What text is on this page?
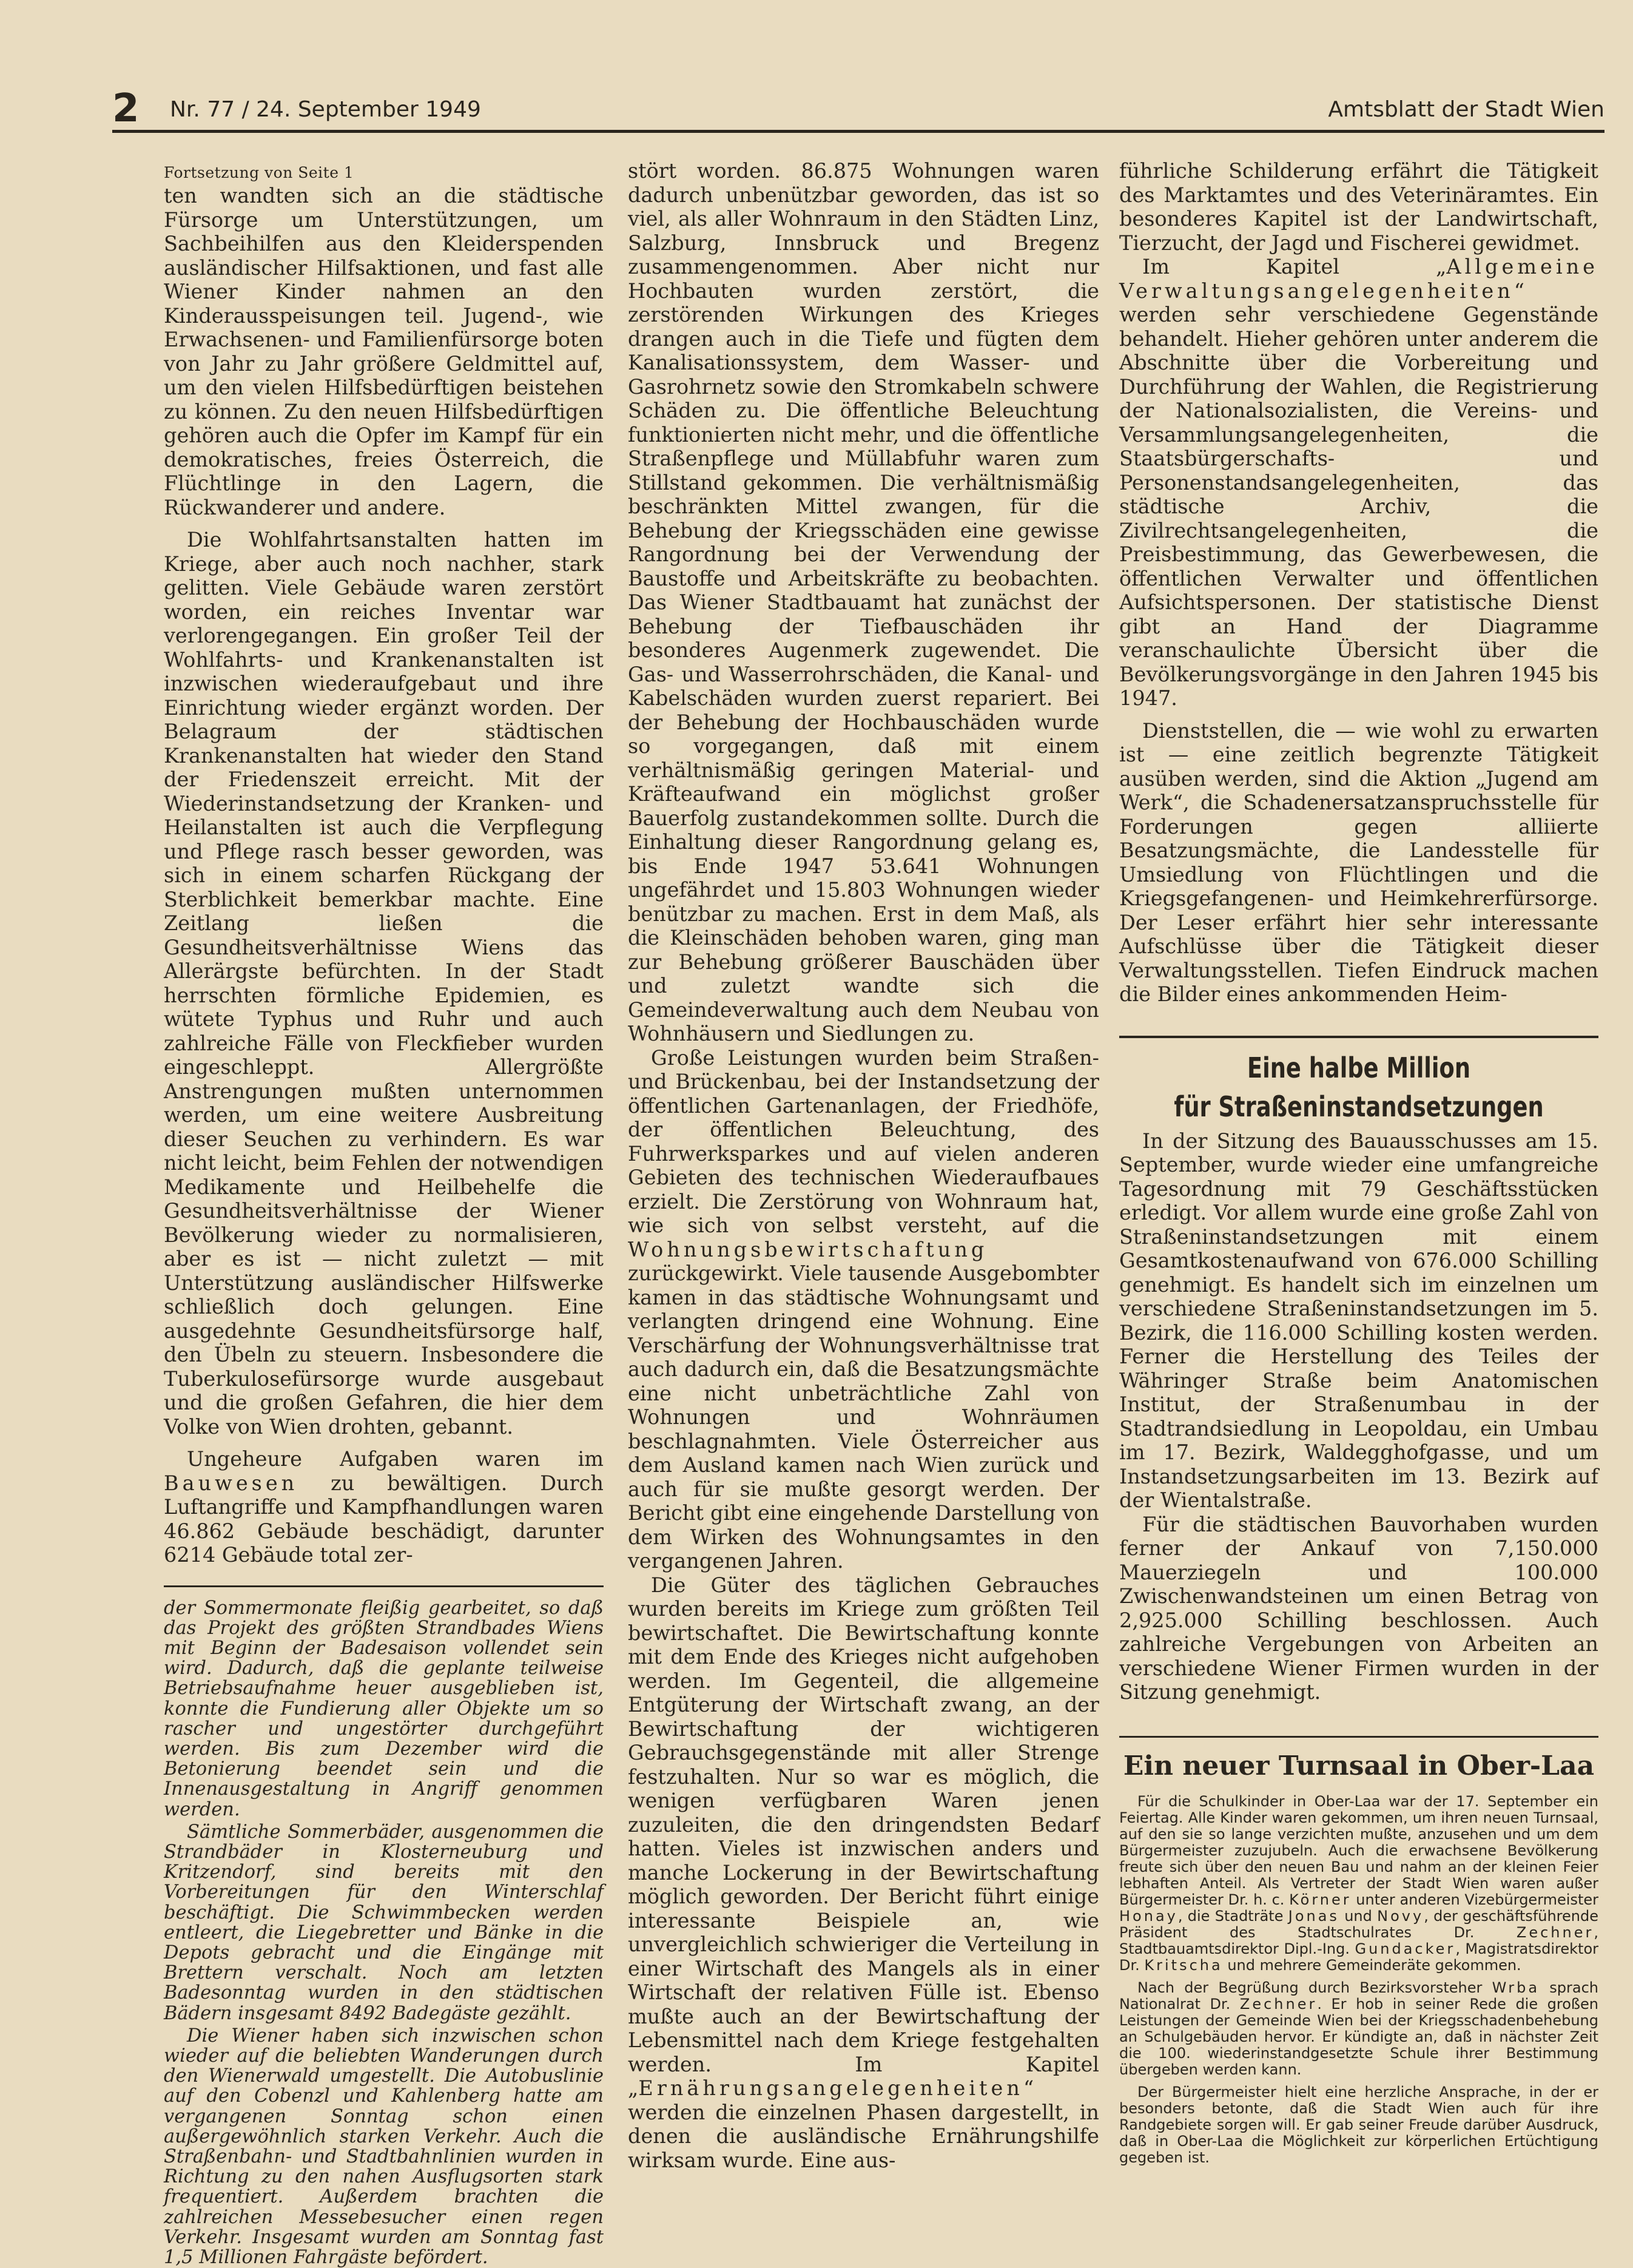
2 Nr. 77 / 24. September 1949	Amtsblatt der Stadt Wien
Fortsetzung von Seite 1

ten wandten sich an die städtische Fürsorge um Unterstützungen, um Sachbeihilfen aus den Kleiderspenden ausländischer Hilfsaktionen, und fast alle Wiener Kinder nahmen an den Kinderausspeisungen teil. Jugend-, wie Erwachsenen- und Familienfürsorge boten von Jahr zu Jahr größere Geldmittel auf, um den vielen Hilfsbedürftigen beistehen zu können. Zu den neuen Hilfsbedürftigen gehören auch die Opfer im Kampf für ein demokratisches, freies Österreich, die Flüchtlinge in den Lagern, die Rückwanderer und andere.

Die Wohlfahrtsanstalten hatten im Kriege, aber auch noch nachher, stark gelitten. Viele Gebäude waren zerstört worden, ein reiches Inventar war verlorengegangen. Ein großer Teil der Wohlfahrts- und Krankenanstalten ist inzwischen wiederaufgebaut und ihre Einrichtung wieder ergänzt worden. Der Belagraum der städtischen Krankenanstalten hat wieder den Stand der Friedenszeit erreicht. Mit der Wiederinstandsetzung der Kranken- und Heilanstalten ist auch die Verpflegung und Pflege rasch besser geworden, was sich in einem scharfen Rückgang der Sterblichkeit bemerkbar machte. Eine Zeitlang ließen die Gesundheitsverhältnisse Wiens das Allerärgste befürchten. In der Stadt herrschten förmliche Epidemien, es wütete Typhus und Ruhr und auch zahlreiche Fälle von Fleckfieber wurden eingeschleppt. Allergrößte Anstrengungen mußten unternommen werden, um eine weitere Ausbreitung dieser Seuchen zu verhindern. Es war nicht leicht, beim Fehlen der notwendigen Medikamente und Heilbehelfe die Gesundheitsverhältnisse der Wiener Bevölkerung wieder zu normalisieren, aber es ist — nicht zuletzt — mit Unterstützung ausländischer Hilfswerke schließlich doch gelungen. Eine ausgedehnte Gesundheitsfürsorge half, den Übeln zu steuern. Insbesondere die Tuberkulosefürsorge wurde ausgebaut und die großen Gefahren, die hier dem Volke von Wien drohten, gebannt.

Ungeheure Aufgaben waren im Bauwesen zu bewältigen. Durch Luftangriffe und Kampfhandlungen waren 46.862 Gebäude beschädigt, darunter 6214 Gebäude total zer-

der Sommermonate fleißig gearbeitet, so daß das Projekt des größten Strandbades Wiens mit Beginn der Badesaison vollendet sein wird. Dadurch, daß die geplante teilweise Betriebsaufnahme heuer ausgeblieben ist, konnte die Fundierung aller Objekte um so rascher und ungestörter durchgeführt werden. Bis zum Dezember wird die Betonierung beendet sein und die Innenausgestaltung in Angriff genommen werden.

Sämtliche Sommerbäder, ausgenommen die Strandbäder in Klosterneuburg und Kritzendorf, sind bereits mit den Vorbereitungen für den Winterschlaf beschäftigt. Die Schwimmbecken werden entleert, die Liegebretter und Bänke in die Depots gebracht und die Eingänge mit Brettern verschalt. Noch am letzten Badesonntag wurden in den städtischen Bädern insgesamt 8492 Badegäste gezählt.

Die Wiener haben sich inzwischen schon wieder auf die beliebten Wanderungen durch den Wienerwald umgestellt. Die Autobuslinie auf den Cobenzl und Kahlenberg hatte am vergangenen Sonntag schon einen außergewöhnlich starken Verkehr. Auch die Straßenbahn- und Stadtbahnlinien wurden in Richtung zu den nahen Ausflugsorten stark frequentiert. Außerdem brachten die zahlreichen Messebesucher einen regen Verkehr. Insgesamt wurden am Sonntag fast 1,5 Millionen Fahrgäste befördert.

stört worden. 86.875 Wohnungen waren dadurch unbenützbar geworden, das ist so viel, als aller Wohnraum in den Städten Linz, Salzburg, Innsbruck und Bregenz zusammengenommen. Aber nicht nur Hochbauten wurden zerstört, die zerstörenden Wirkungen des Krieges drangen auch in die Tiefe und fügten dem Kanalisationssystem, dem Wasser- und Gasrohrnetz sowie den Stromkabeln schwere Schäden zu. Die öffentliche Beleuchtung funktionierten nicht mehr, und die öffentliche Straßenpflege und Müllabfuhr waren zum Stillstand gekommen. Die verhältnismäßig beschränkten Mittel zwangen, für die Behebung der Kriegsschäden eine gewisse Rangordnung bei der Verwendung der Baustoffe und Arbeitskräfte zu beobachten. Das Wiener Stadtbauamt hat zunächst der Behebung der Tiefbauschäden ihr besonderes Augenmerk zugewendet. Die Gas- und Wasserrohrschäden, die Kanal- und Kabelschäden wurden zuerst repariert. Bei der Behebung der Hochbauschäden wurde so vorgegangen, daß mit einem verhältnismäßig geringen Material- und Kräfteaufwand ein möglichst großer Bauerfolg zustandekommen sollte. Durch die Einhaltung dieser Rangordnung gelang es, bis Ende 1947 53.641 Wohnungen ungefährdet und 15.803 Wohnungen wieder benützbar zu machen. Erst in dem Maß, als die Kleinschäden behoben waren, ging man zur Behebung größerer Bauschäden über und zuletzt wandte sich die Gemeindeverwaltung auch dem Neubau von Wohnhäusern und Siedlungen zu.

Große Leistungen wurden beim Straßen- und Brückenbau, bei der Instandsetzung der öffentlichen Gartenanlagen, der Friedhöfe, der öffentlichen Beleuchtung, des Fuhrwerksparkes und auf vielen anderen Gebieten des technischen Wiederaufbaues erzielt. Die Zerstörung von Wohnraum hat, wie sich von selbst versteht, auf die Wohnungsbewirtschaftung zurückgewirkt. Viele tausende Ausgebombter kamen in das städtische Wohnungsamt und verlangten dringend eine Wohnung. Eine Verschärfung der Wohnungsverhältnisse trat auch dadurch ein, daß die Besatzungsmächte eine nicht unbeträchtliche Zahl von Wohnungen und Wohnräumen beschlagnahmten. Viele Österreicher aus dem Ausland kamen nach Wien zurück und auch für sie mußte gesorgt werden. Der Bericht gibt eine eingehende Darstellung von dem Wirken des Wohnungsamtes in den vergangenen Jahren.

Die Güter des täglichen Gebrauches wurden bereits im Kriege zum größten Teil bewirtschaftet. Die Bewirtschaftung konnte mit dem Ende des Krieges nicht aufgehoben werden. Im Gegenteil, die allgemeine Entgüterung der Wirtschaft zwang, an der Bewirtschaftung der wichtigeren Gebrauchsgegenstände mit aller Strenge festzuhalten. Nur so war es möglich, die wenigen verfügbaren Waren jenen zuzuleiten, die den dringendsten Bedarf hatten. Vieles ist inzwischen anders und manche Lockerung in der Bewirtschaftung möglich geworden. Der Bericht führt einige interessante Beispiele an, wie unvergleichlich schwieriger die Verteilung in einer Wirtschaft des Mangels als in einer Wirtschaft der relativen Fülle ist. Ebenso mußte auch an der Bewirtschaftung der Lebensmittel nach dem Kriege festgehalten werden. Im Kapitel „Ernährungsangelegenheiten“ werden die einzelnen Phasen dargestellt, in denen die ausländische Ernährungshilfe wirksam wurde. Eine aus-

führliche Schilderung erfährt die Tätigkeit des Marktamtes und des Veterinäramtes. Ein besonderes Kapitel ist der Landwirtschaft, Tierzucht, der Jagd und Fischerei gewidmet.

Im Kapitel „Allgemeine Verwaltungsangelegenheiten“ werden sehr verschiedene Gegenstände behandelt. Hieher gehören unter anderem die Abschnitte über die Vorbereitung und Durchführung der Wahlen, die Registrierung der Nationalsozialisten, die Vereins- und Versammlungsangelegenheiten, die Staatsbürgerschafts- und Personenstandsangelegenheiten, das städtische Archiv, die Zivilrechtsangelegenheiten, die Preisbestimmung, das Gewerbewesen, die öffentlichen Verwalter und öffentlichen Aufsichtspersonen. Der statistische Dienst gibt an Hand der Diagramme veranschaulichte Übersicht über die Bevölkerungsvorgänge in den Jahren 1945 bis 1947.

Dienststellen, die — wie wohl zu erwarten ist — eine zeitlich begrenzte Tätigkeit ausüben werden, sind die Aktion „Jugend am Werk“, die Schadenersatzanspruchsstelle für Forderungen gegen alliierte Besatzungsmächte, die Landesstelle für Umsiedlung von Flüchtlingen und die Kriegsgefangenen- und Heimkehrerfürsorge. Der Leser erfährt hier sehr interessante Aufschlüsse über die Tätigkeit dieser Verwaltungsstellen. Tiefen Eindruck machen die Bilder eines ankommenden Heim-

Eine halbe Million
für Straßeninstandsetzungen

In der Sitzung des Bauausschusses am 15. September, wurde wieder eine umfangreiche Tagesordnung mit 79 Geschäftsstücken erledigt. Vor allem wurde eine große Zahl von Straßeninstandsetzungen mit einem Gesamtkostenaufwand von 676.000 Schilling genehmigt. Es handelt sich im einzelnen um verschiedene Straßeninstandsetzungen im 5. Bezirk, die 116.000 Schilling kosten werden. Ferner die Herstellung des Teiles der Währinger Straße beim Anatomischen Institut, der Straßenumbau in der Stadtrandsiedlung in Leopoldau, ein Umbau im 17. Bezirk, Waldegghofgasse, und um Instandsetzungsarbeiten im 13. Bezirk auf der Wientalstraße.

Für die städtischen Bauvorhaben wurden ferner der Ankauf von 7,150.000 Mauerziegeln und 100.000 Zwischenwandsteinen um einen Betrag von 2,925.000 Schilling beschlossen. Auch zahlreiche Vergebungen von Arbeiten an verschiedene Wiener Firmen wurden in der Sitzung genehmigt.

Ein neuer Turnsaal in Ober-Laa

Für die Schulkinder in Ober-Laa war der 17. September ein Feiertag. Alle Kinder waren gekommen, um ihren neuen Turnsaal, auf den sie so lange verzichten mußte, anzusehen und um dem Bürgermeister zuzujubeln. Auch die erwachsene Bevölkerung freute sich über den neuen Bau und nahm an der kleinen Feier lebhaften Anteil. Als Vertreter der Stadt Wien waren außer Bürgermeister Dr. h. c. Körner unter anderen Vizebürgermeister Honay, die Stadträte Jonas und Novy, der geschäftsführende Präsident des Stadtschulrates Dr. Zechner, Stadtbauamtsdirektor Dipl.-Ing. Gundacker, Magistratsdirektor Dr. Kritscha und mehrere Gemeinderäte gekommen.

Nach der Begrüßung durch Bezirksvorsteher Wrba sprach Nationalrat Dr. Zechner. Er hob in seiner Rede die großen Leistungen der Gemeinde Wien bei der Kriegsschadenbehebung an Schulgebäuden hervor. Er kündigte an, daß in nächster Zeit die 100. wiederinstandgesetzte Schule ihrer Bestimmung übergeben werden kann.

Der Bürgermeister hielt eine herzliche Ansprache, in der er besonders betonte, daß die Stadt Wien auch für ihre Randgebiete sorgen will. Er gab seiner Freude darüber Ausdruck, daß in Ober-Laa die Möglichkeit zur körperlichen Ertüchtigung gegeben ist.
